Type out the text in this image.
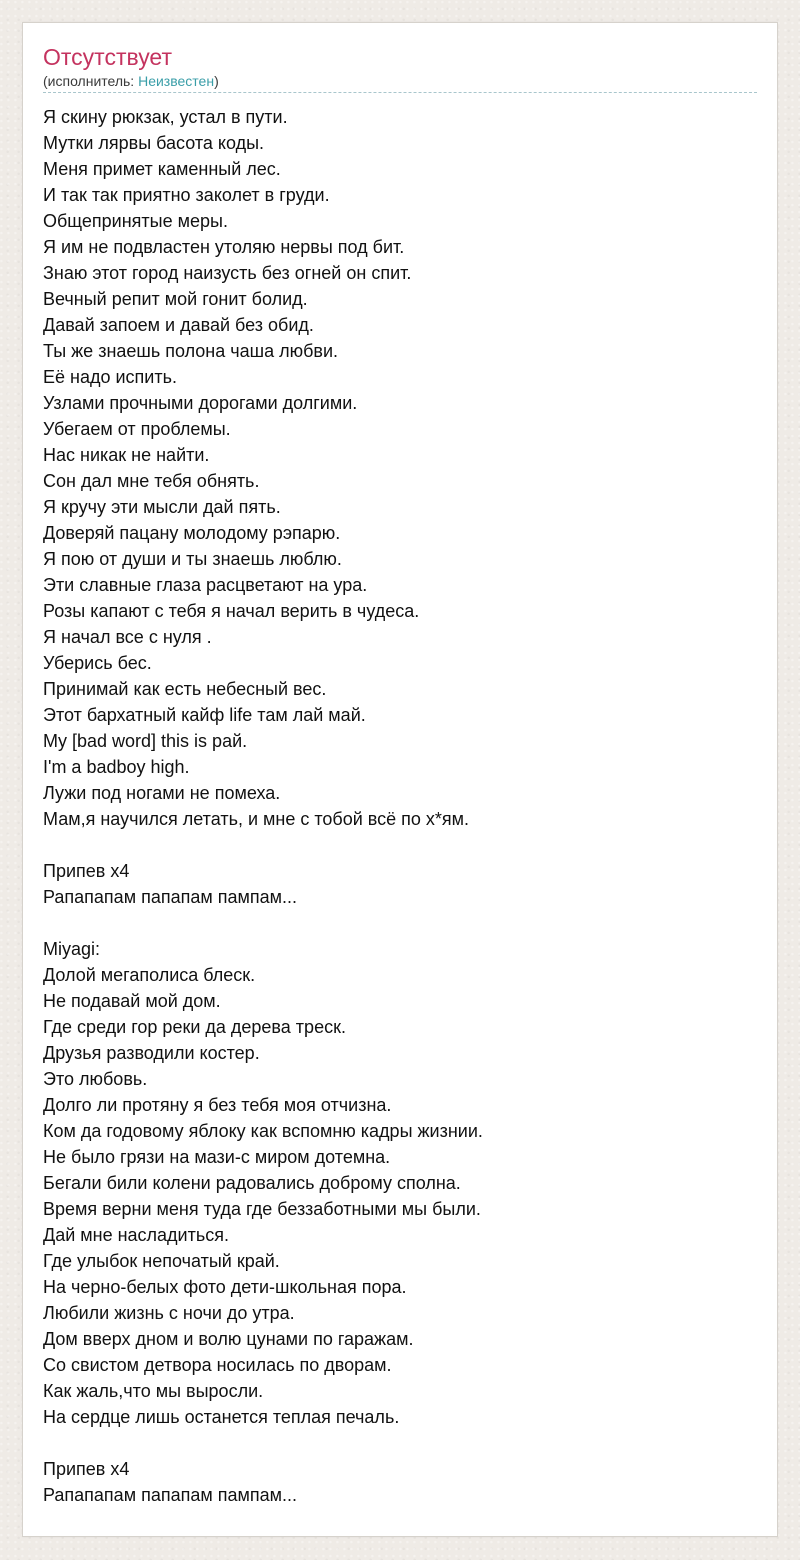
Отсутствует
(исполнитель: Неизвестен)
Я скину рюкзак, устал в пути.
Мутки лярвы басота коды.
Меня примет каменный лес.
И так так приятно заколет в груди.
Общепринятые меры.
Я им не подвластен утоляю нервы под бит.
Знаю этот город наизусть без огней он спит.
Вечный репит мой гонит болид.
Давай запоем и давай без обид.
Ты же знаешь полона чаша любви.
Её надо испить.
Узлами прочными дорогами долгими.
Убегаем от проблемы.
Нас никак не найти.
Сон дал мне тебя обнять.
Я кручу эти мысли дай пять.
Доверяй пацану молодому рэпарю.
Я пою от души и ты знаешь люблю.
Эти славные глаза расцветают на ура.
Розы капают с тебя я начал верить в чудеса.
Я начал все с нуля .
Уберись бес.
Принимай как есть небесный вес.
Этот бархатный кайф life там лай май.
My [bad word] this is рай.
I'm a badboy high.
Лужи под ногами не помеха.
Мам,я научился летать, и мне с тобой всё по х*ям.
Припев x4
Рапапапам папапам пампам...
Miyagi:
Долой мегаполиса блеск.
Не подавай мой дом.
Где среди гор реки да дерева треск.
Друзья разводили костер.
Это любовь.
Долго ли протяну я без тебя моя отчизна.
Ком да годовому яблоку как вспомню кадры жизнии.
Не было грязи на мази-с миром дотемна.
Бегали били колени радовались доброму сполна.
Время верни меня туда где беззаботными мы были.
Дай мне насладиться.
Где улыбок непочатый край.
На черно-белых фото дети-школьная пора.
Любили жизнь с ночи до утра.
Дом вверх дном и волю цунами по гаражам.
Со свистом детвора носилась по дворам.
Как жаль,что мы выросли.
На сердце лишь останется теплая печаль.
Припев x4
Рапапапам папапам пампам...
